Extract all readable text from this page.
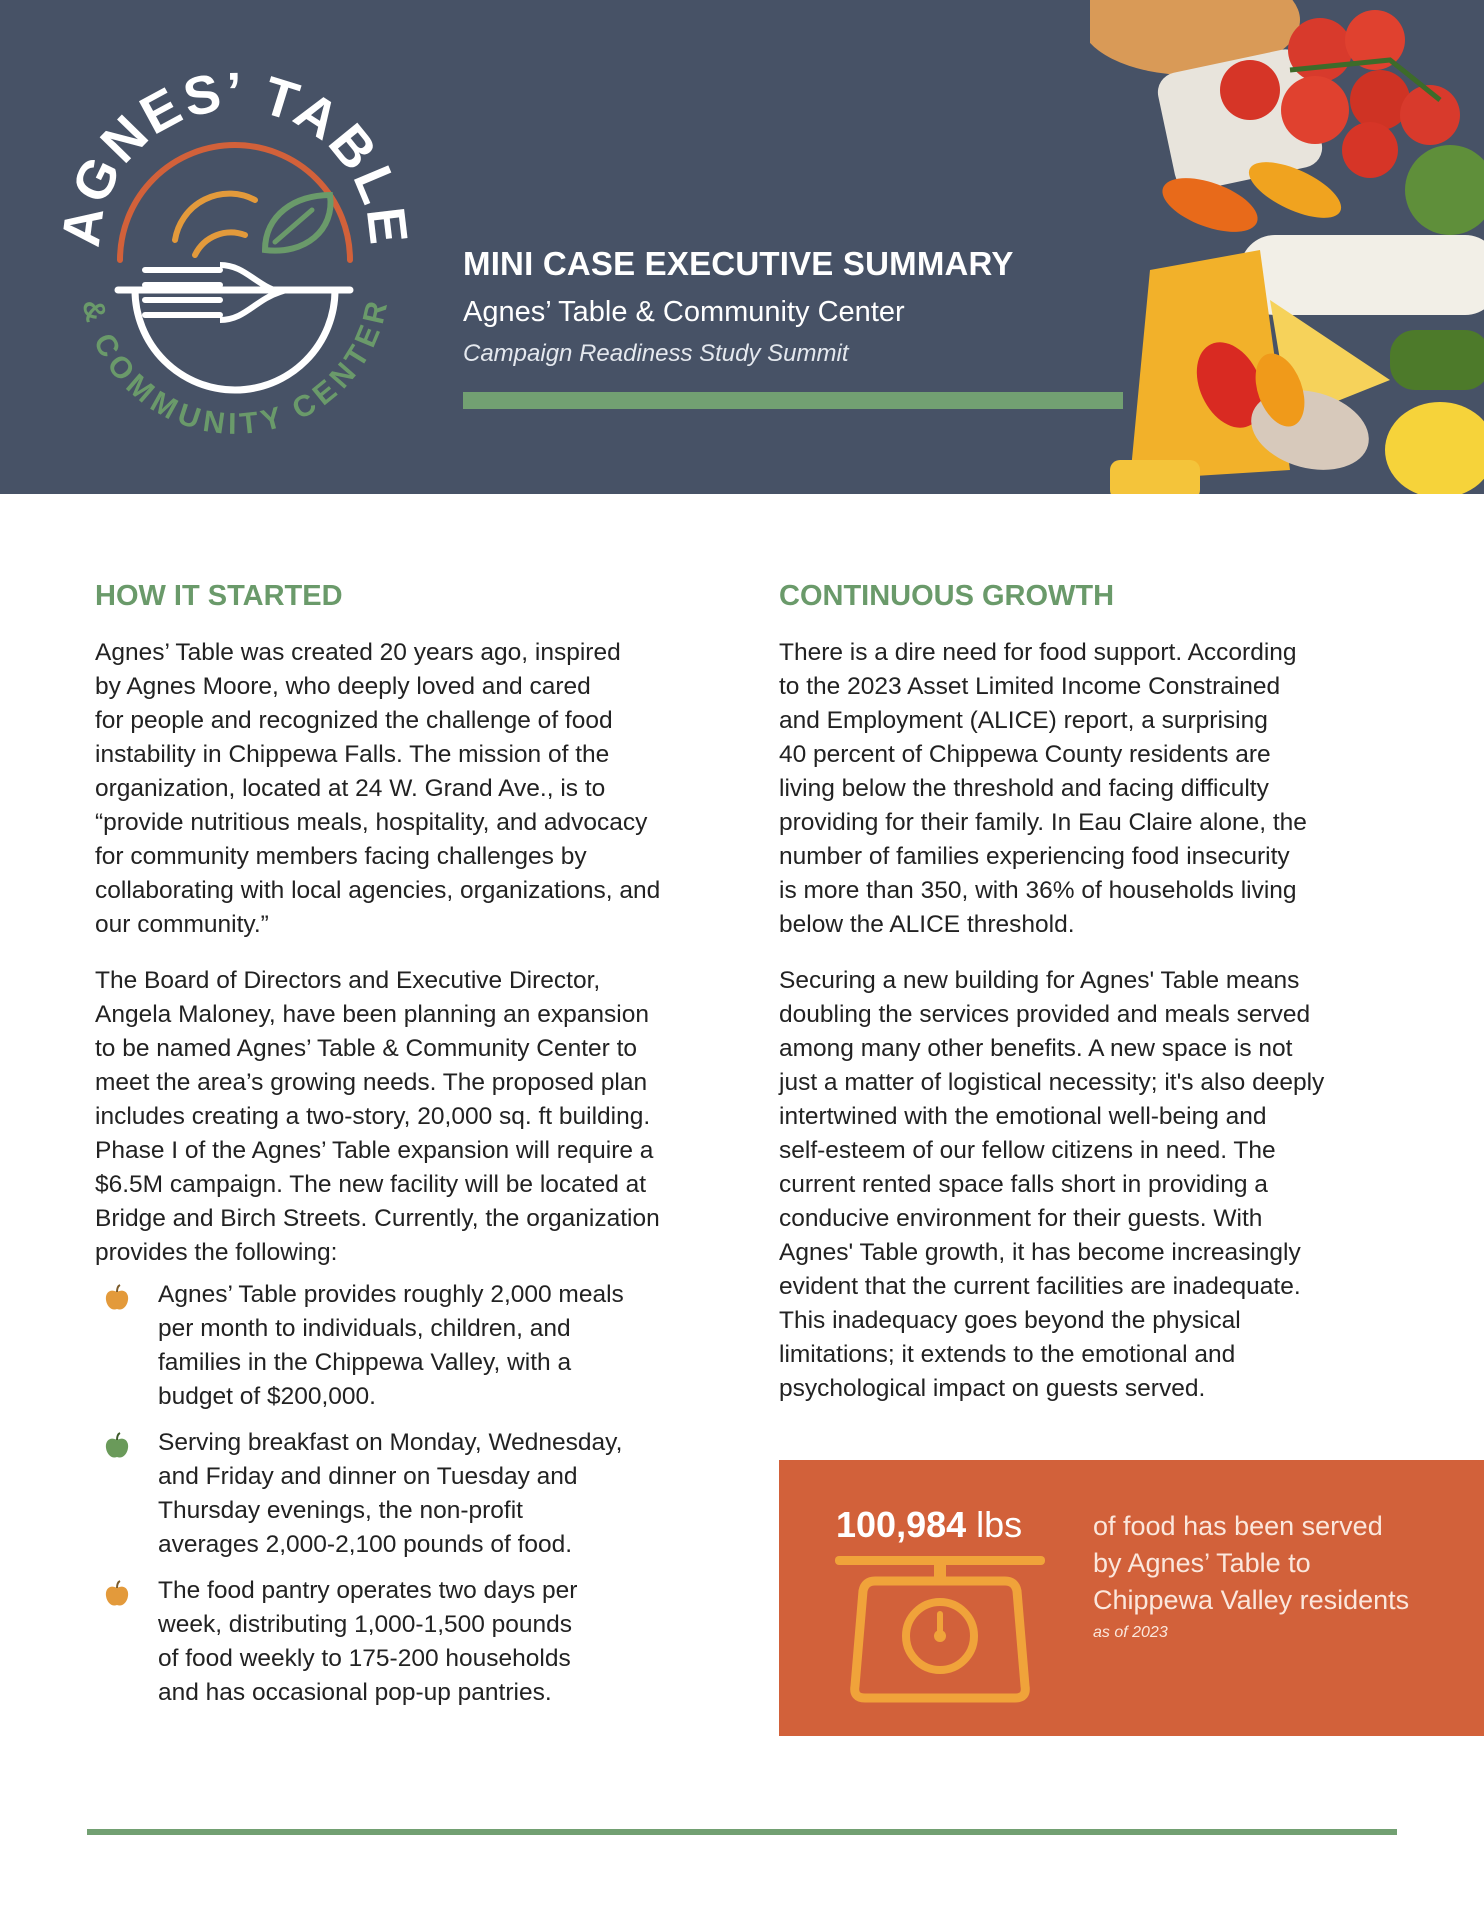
AGNES’ TABLE
& COMMUNITY CENTER
MINI CASE EXECUTIVE SUMMARY

Agnes’ Table & Community Center

Campaign Readiness Study Summit

HOW IT STARTED

Agnes’ Table was created 20 years ago, inspired
by Agnes Moore, who deeply loved and cared
for people and recognized the challenge of food
instability in Chippewa Falls. The mission of the
organization, located at 24 W. Grand Ave., is to
“provide nutritious meals, hospitality, and advocacy
for community members facing challenges by
collaborating with local agencies, organizations, and
our community.”

The Board of Directors and Executive Director,
Angela Maloney, have been planning an expansion
to be named Agnes’ Table & Community Center to
meet the area’s growing needs. The proposed plan
includes creating a two-story, 20,000 sq. ft building.
Phase I of the Agnes’ Table expansion will require a
$6.5M campaign. The new facility will be located at
Bridge and Birch Streets. Currently, the organization
provides the following:

Agnes’ Table provides roughly 2,000 meals
per month to individuals, children, and
families in the Chippewa Valley, with a
budget of $200,000.
Serving breakfast on Monday, Wednesday,
and Friday and dinner on Tuesday and
Thursday evenings, the non-profit
averages 2,000-2,100 pounds of food.
The food pantry operates two days per
week, distributing 1,000-1,500 pounds
of food weekly to 175-200 households
and has occasional pop-up pantries.
CONTINUOUS GROWTH

There is a dire need for food support. According
to the 2023 Asset Limited Income Constrained
and Employment (ALICE) report, a surprising
40 percent of Chippewa County residents are
living below the threshold and facing difficulty
providing for their family. In Eau Claire alone, the
number of families experiencing food insecurity
is more than 350, with 36% of households living
below the ALICE threshold.

Securing a new building for Agnes' Table means
doubling the services provided and meals served
among many other benefits. A new space is not
just a matter of logistical necessity; it's also deeply
intertwined with the emotional well-being and
self-esteem of our fellow citizens in need. The
current rented space falls short in providing a
conducive environment for their guests. With
Agnes' Table growth, it has become increasingly
evident that the current facilities are inadequate.
This inadequacy goes beyond the physical
limitations; it extends to the emotional and
psychological impact on guests served.

100,984 lbs	of food has been served
by Agnes’ Table to
Chippewa Valley residents

as of 2023
